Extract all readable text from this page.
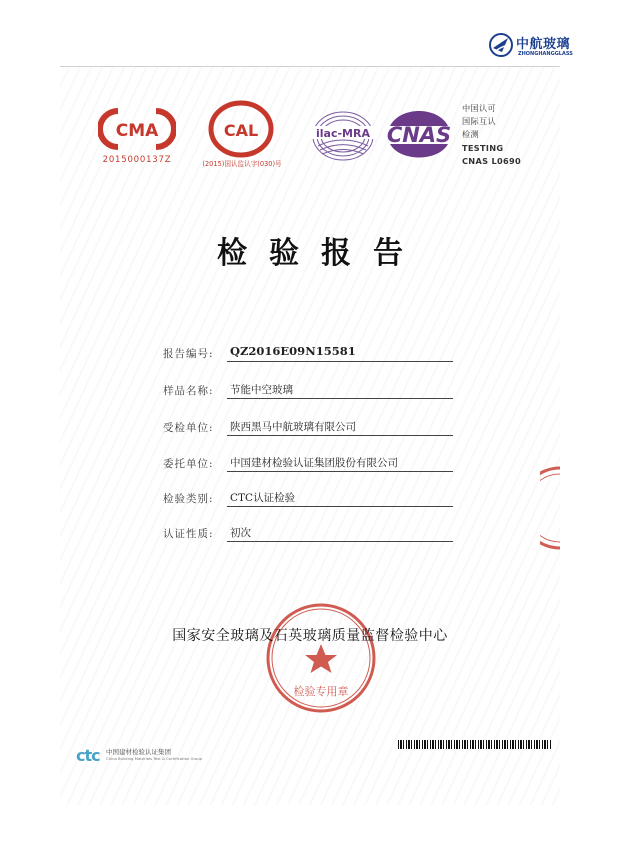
中航玻璃
ZHONGHANGGLASS
CMA
2015000137Z
CAL
(2015)国认监认字(030)号
ilac-MRA CNAS
中国认可
国际互认
检测
TESTING
CNAS L0690
检验报告
报告编号: QZ2016E09N15581
样品名称: 节能中空玻璃
受检单位: 陕西黑马中航玻璃有限公司
委托单位: 中国建材检验认证集团股份有限公司
检验类别: CTC认证检验
认证性质: 初次
检验专用章
国家安全玻璃及石英玻璃质量监督检验中心
ctc 中国建材检验认证集团
China Building Materials Test & Certification Group
